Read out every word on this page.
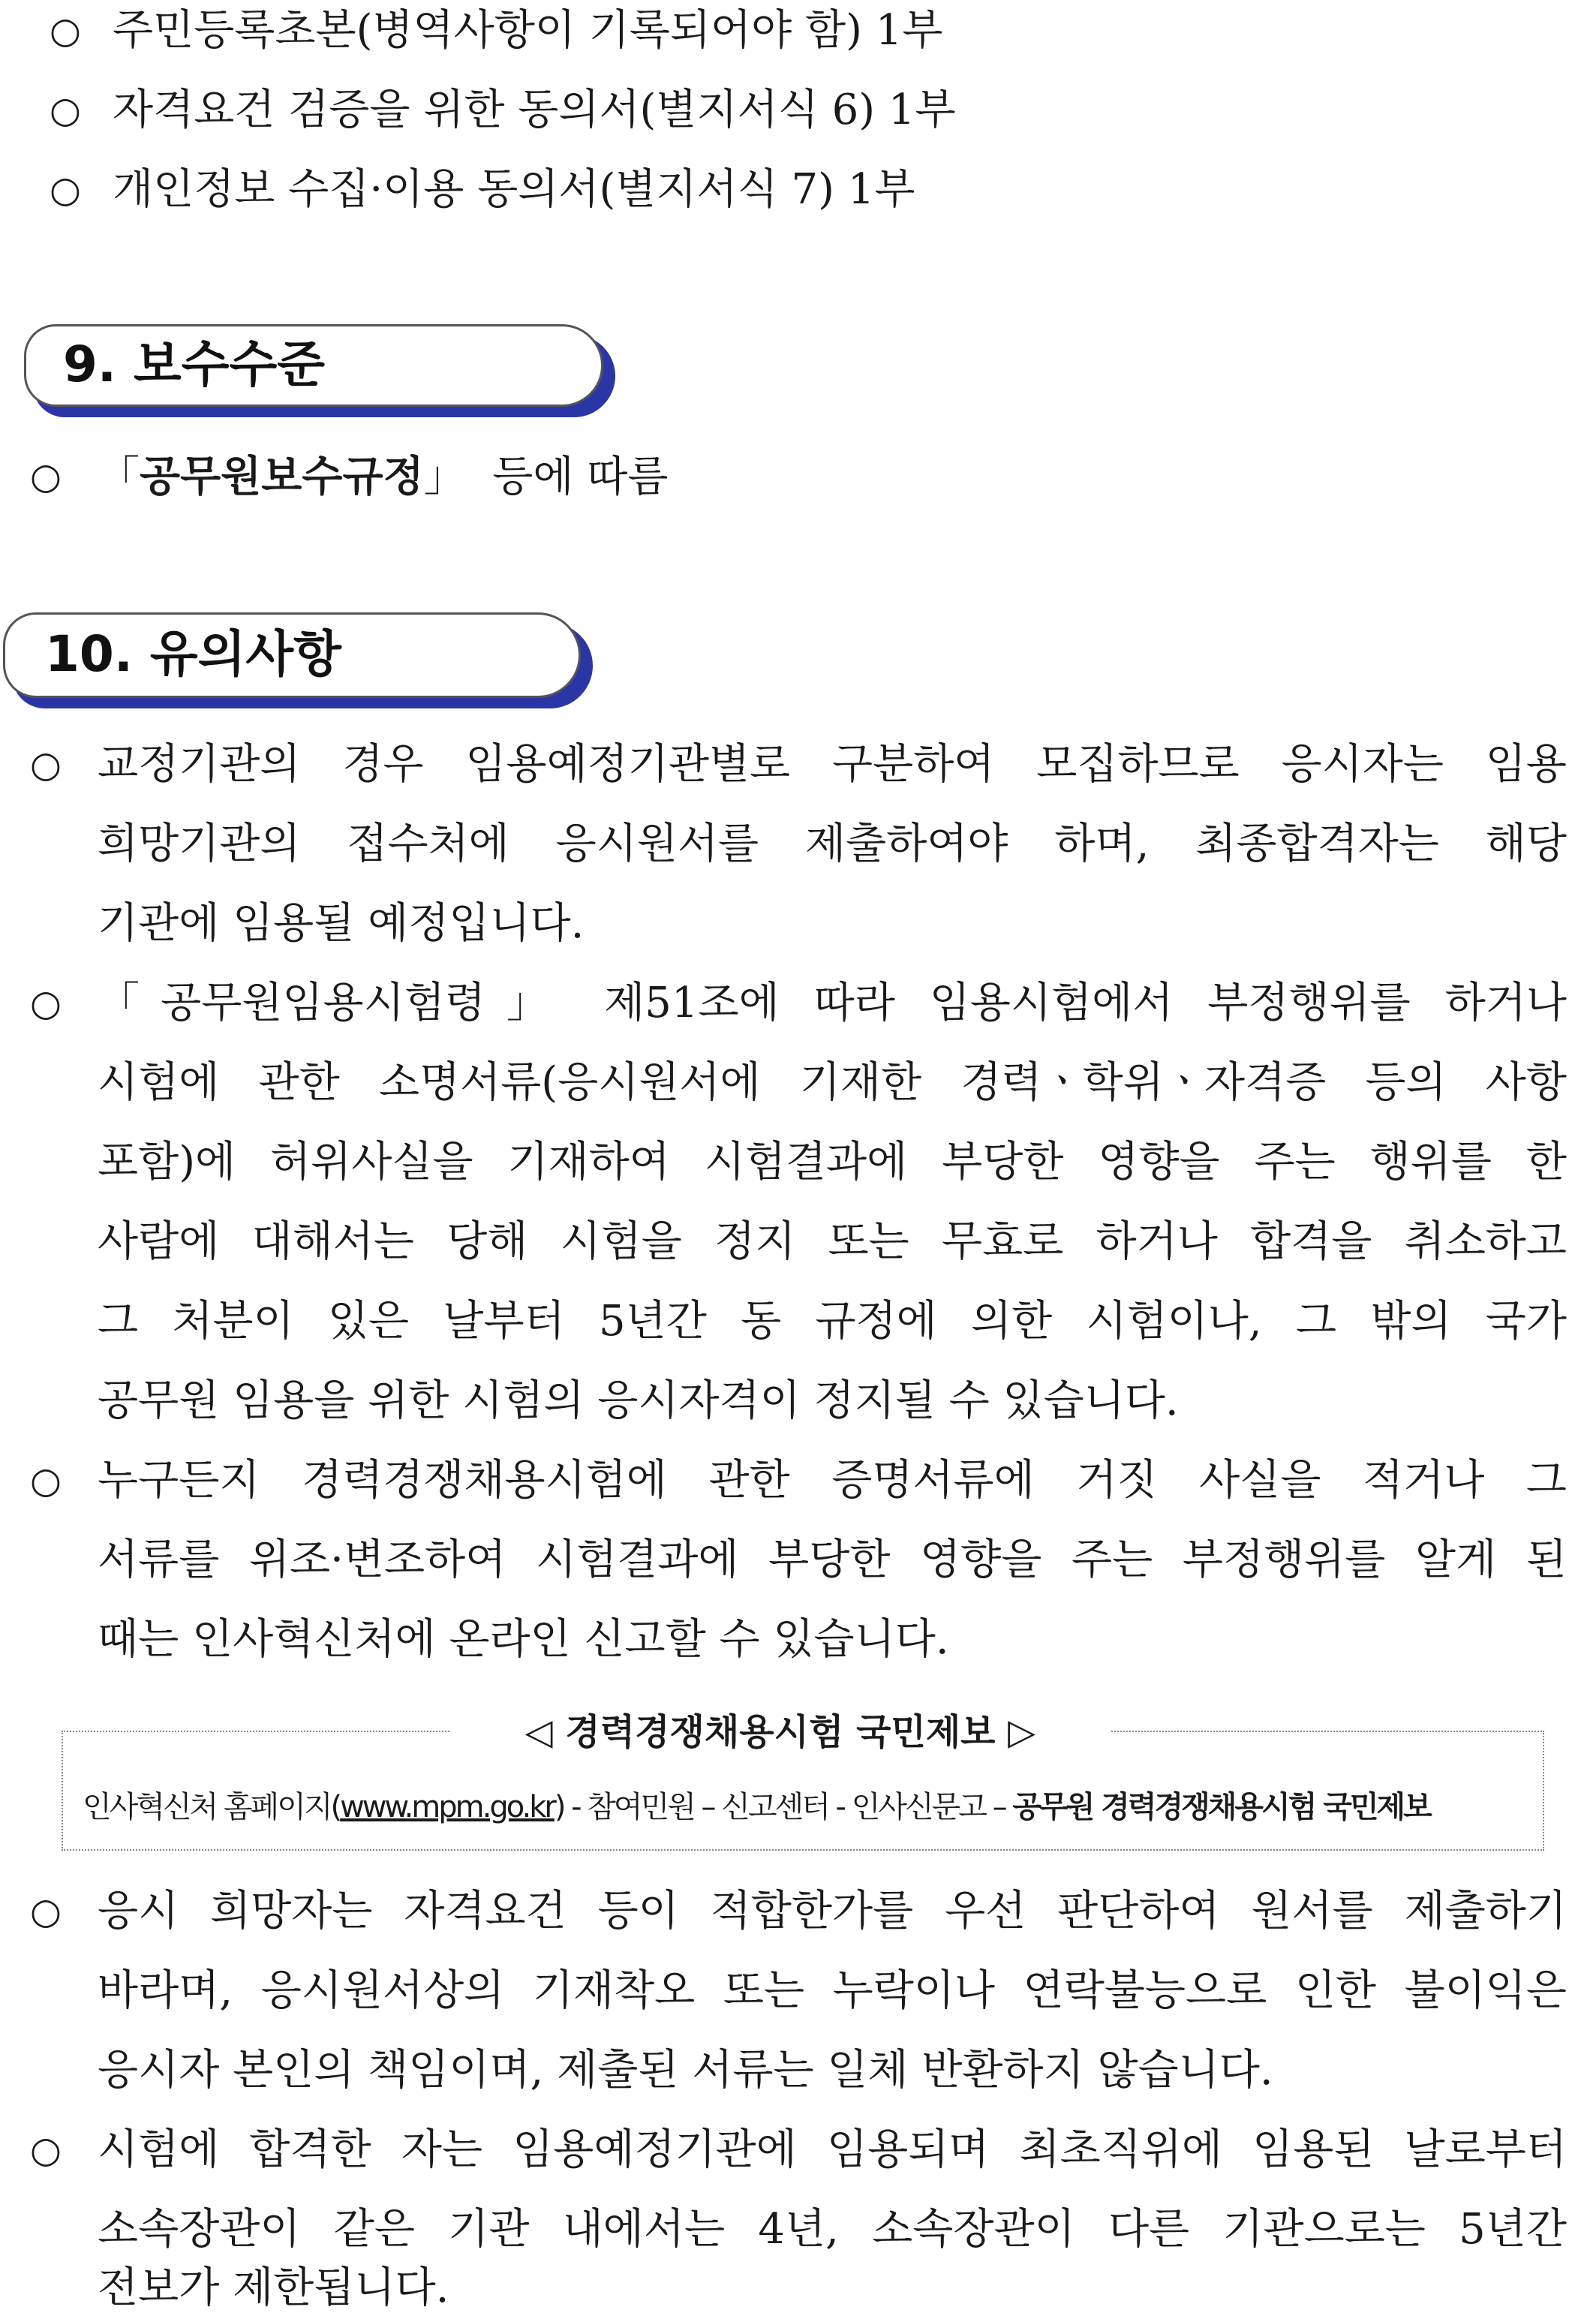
○ 주민등록초본(병역사항이 기록되어야 함) 1부
○ 자격요건 검증을 위한 동의서(별지서식 6) 1부
○ 개인정보 수집·이용 동의서(별지서식 7) 1부
9. 보수수준
○ 「공무원보수규정」 등에 따름
10. 유의사항
○ 교정기관의 경우 임용예정기관별로 구분하여 모집하므로 응시자는 임용
희망기관의 접수처에 응시원서를 제출하여야 하며, 최종합격자는 해당
기관에 임용될 예정입니다.
○ 「공무원임용시험령」 제51조에 따라 임용시험에서 부정행위를 하거나
시험에 관한 소명서류(응시원서에 기재한 경력ㆍ학위ㆍ자격증 등의 사항
포함)에 허위사실을 기재하여 시험결과에 부당한 영향을 주는 행위를 한
사람에 대해서는 당해 시험을 정지 또는 무효로 하거나 합격을 취소하고
그 처분이 있은 날부터 5년간 동 규정에 의한 시험이나, 그 밖의 국가
공무원 임용을 위한 시험의 응시자격이 정지될 수 있습니다.
○ 누구든지 경력경쟁채용시험에 관한 증명서류에 거짓 사실을 적거나 그
서류를 위조·변조하여 시험결과에 부당한 영향을 주는 부정행위를 알게 된
때는 인사혁신처에 온라인 신고할 수 있습니다.
◁ 경력경쟁채용시험 국민제보 ▷
인사혁신처 홈페이지(www.mpm.go.kr) - 참여민원 – 신고센터 - 인사신문고 – 공무원 경력경쟁채용시험 국민제보
○ 응시 희망자는 자격요건 등이 적합한가를 우선 판단하여 원서를 제출하기
바라며, 응시원서상의 기재착오 또는 누락이나 연락불능으로 인한 불이익은
응시자 본인의 책임이며, 제출된 서류는 일체 반환하지 않습니다.
○ 시험에 합격한 자는 임용예정기관에 임용되며 최초직위에 임용된 날로부터
소속장관이 같은 기관 내에서는 4년, 소속장관이 다른 기관으로는 5년간
전보가 제한됩니다.
